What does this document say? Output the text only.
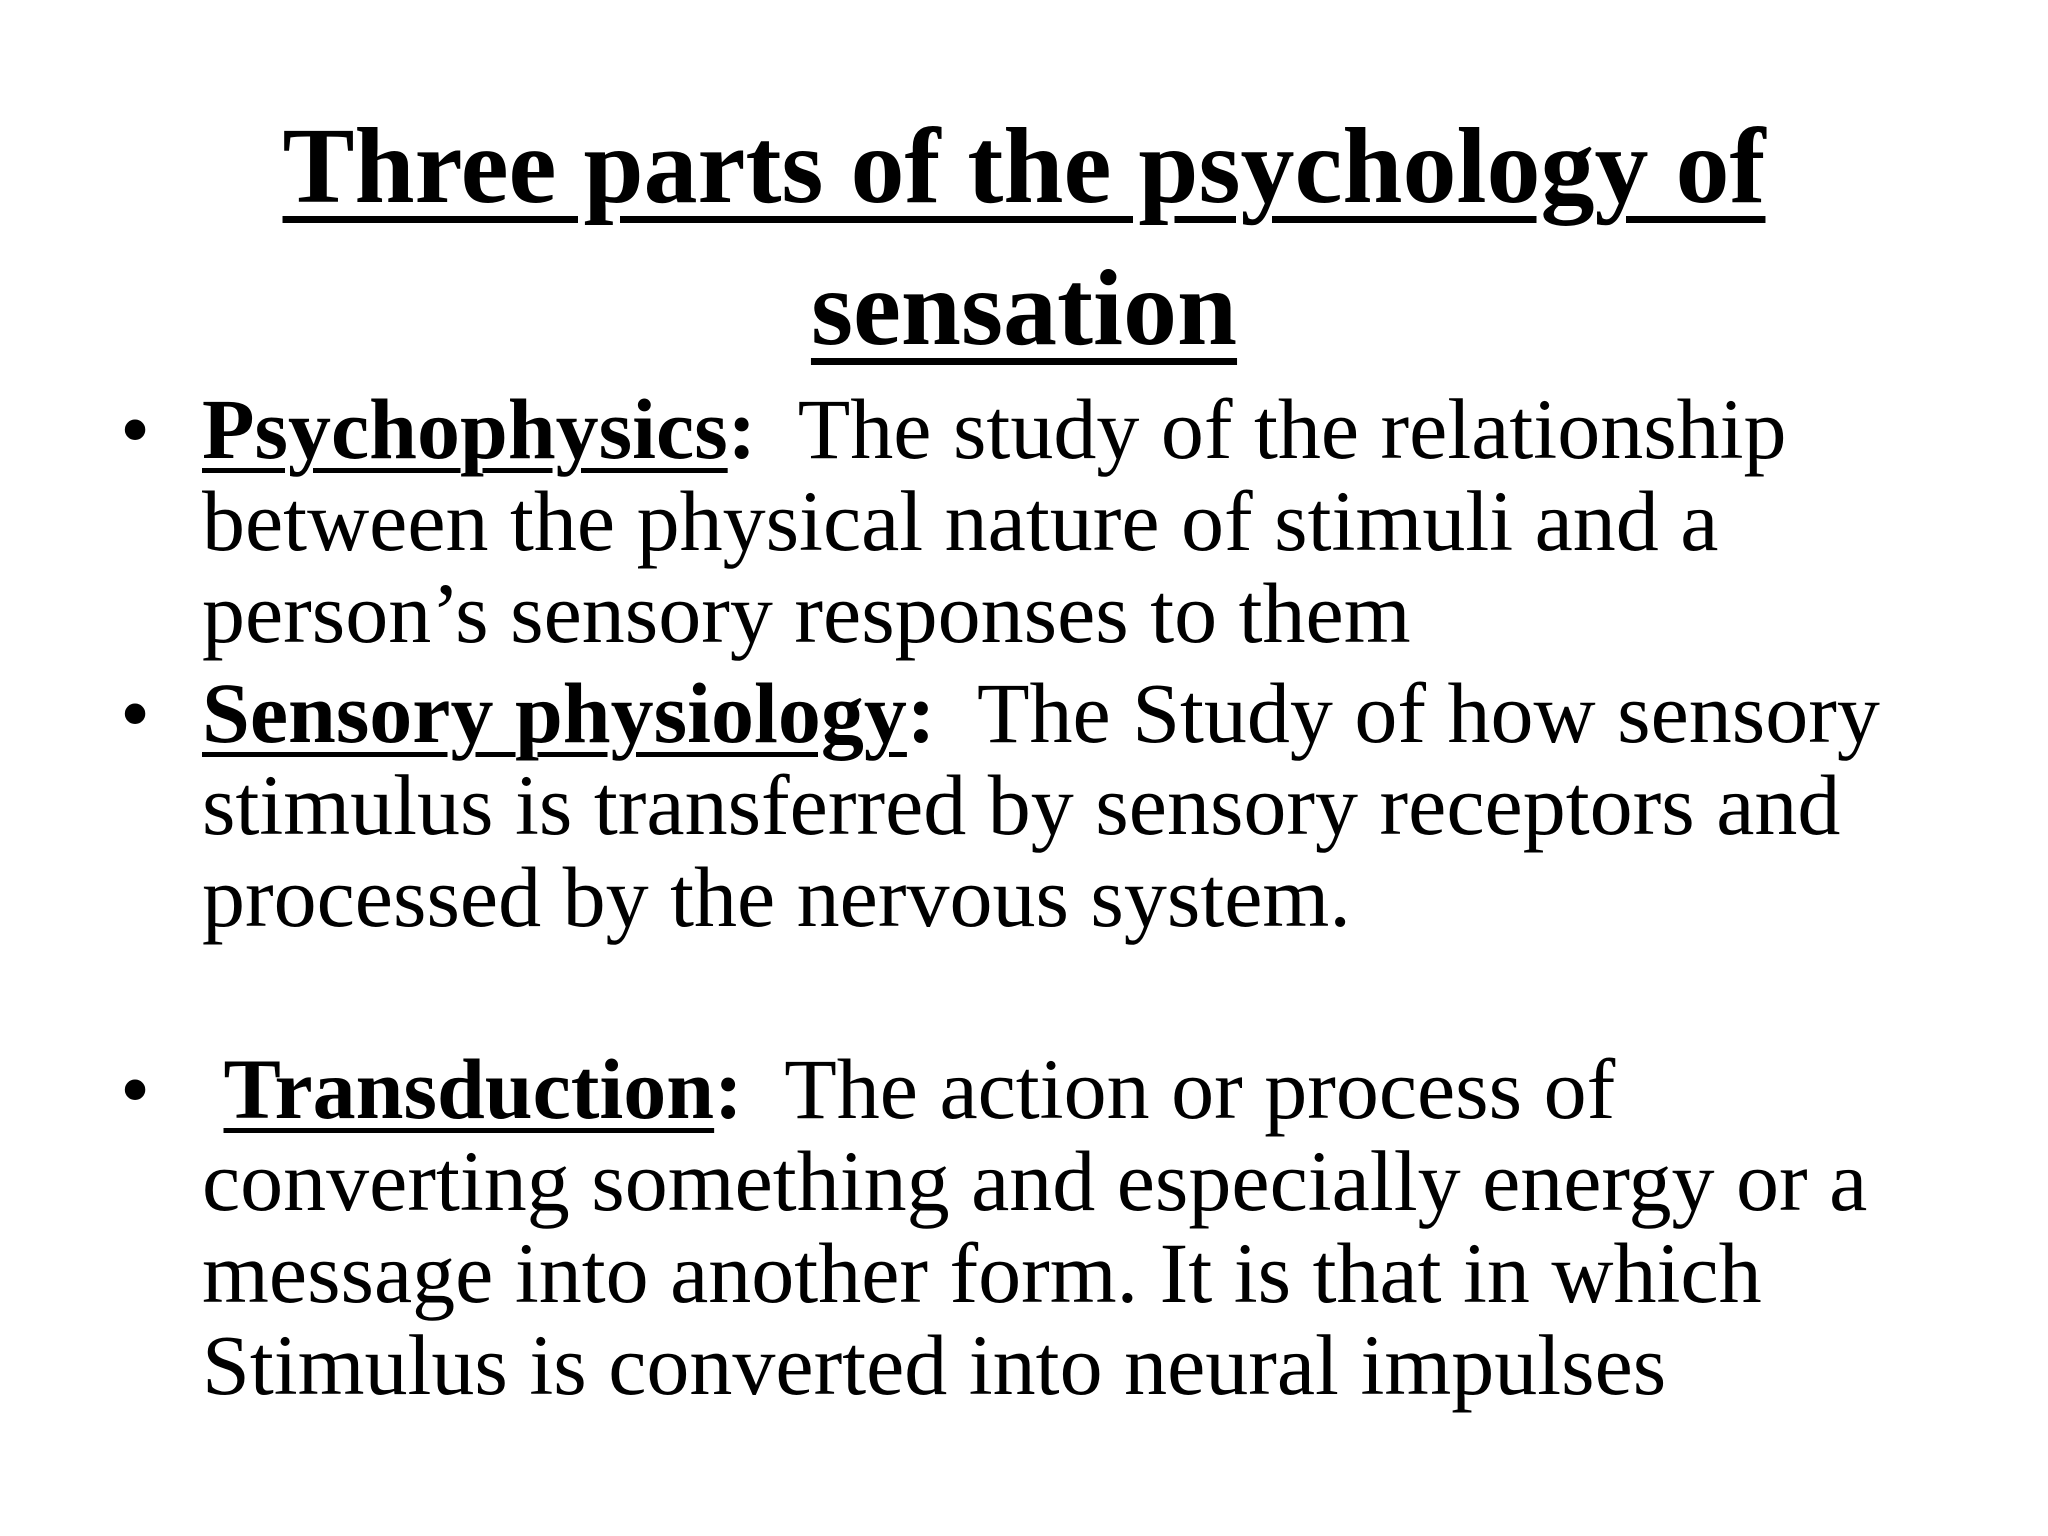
Three parts of the psychology of
sensation
• Psychophysics: The study of the relationship between the physical nature of stimuli and a person’s sensory responses to them
• Sensory physiology: The Study of how sensory stimulus is transferred by sensory receptors and processed by the nervous system.
• Transduction: The action or process of converting something and especially energy or a message into another form. It is that in which Stimulus is converted into neural impulses
